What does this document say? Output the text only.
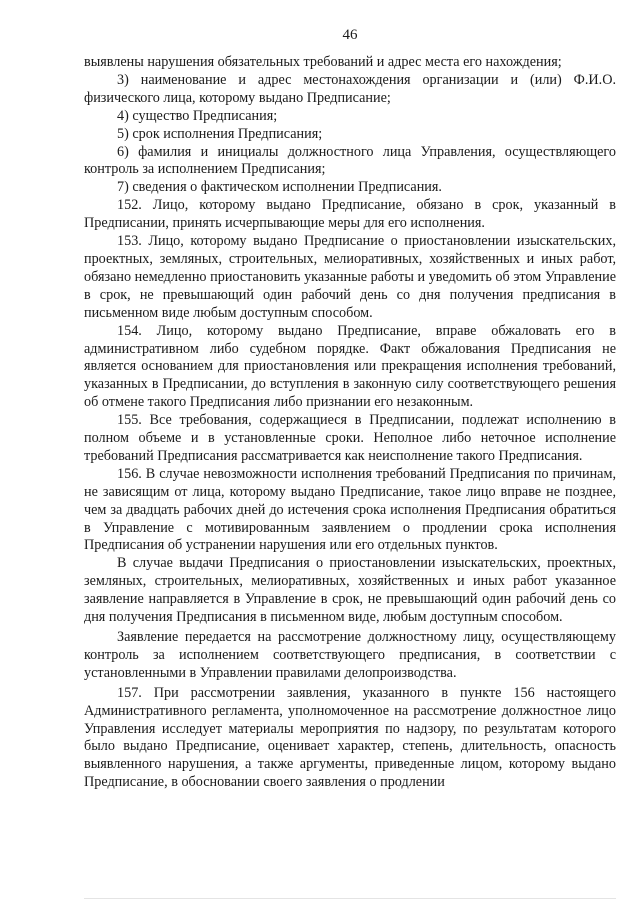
46

выявлены нарушения обязательных требований и адрес места его нахождения;

3) наименование и адрес местонахождения организации и (или) Ф.И.О. физического лица, которому выдано Предписание;

4) существо Предписания;

5) срок исполнения Предписания;

6) фамилия и инициалы должностного лица Управления, осуществляющего контроль за исполнением Предписания;

7) сведения о фактическом исполнении Предписания.

152. Лицо, которому выдано Предписание, обязано в срок, указанный в Предписании, принять исчерпывающие меры для его исполнения.

153. Лицо, которому выдано Предписание о приостановлении изыскательских, проектных, земляных, строительных, мелиоративных, хозяйственных и иных работ, обязано немедленно приостановить указанные работы и уведомить об этом Управление в срок, не превышающий один рабочий день со дня получения предписания в письменном виде любым доступным способом.

154. Лицо, которому выдано Предписание, вправе обжаловать его в административном либо судебном порядке. Факт обжалования Предписания не является основанием для приостановления или прекращения исполнения требований, указанных в Предписании, до вступления в законную силу соответствующего решения об отмене такого Предписания либо признании его незаконным.

155. Все требования, содержащиеся в Предписании, подлежат исполнению в полном объеме и в установленные сроки. Неполное либо неточное исполнение требований Предписания рассматривается как неисполнение такого Предписания.

156. В случае невозможности исполнения требований Предписания по причинам, не зависящим от лица, которому выдано Предписание, такое лицо вправе не позднее, чем за двадцать рабочих дней до истечения срока исполнения Предписания обратиться в Управление с мотивированным заявлением о продлении срока исполнения Предписания об устранении нарушения или его отдельных пунктов.

В случае выдачи Предписания о приостановлении изыскательских, проектных, земляных, строительных, мелиоративных, хозяйственных и иных работ указанное заявление направляется в Управление в срок, не превышающий один рабочий день со дня получения Предписания в письменном виде, любым доступным способом.

Заявление передается на рассмотрение должностному лицу, осуществляющему контроль за исполнением соответствующего предписания, в соответствии с установленными в Управлении правилами делопроизводства.

157. При рассмотрении заявления, указанного в пункте 156 настоящего Административного регламента, уполномоченное на рассмотрение должностное лицо Управления исследует материалы мероприятия по надзору, по результатам которого было выдано Предписание, оценивает характер, степень, длительность, опасность выявленного нарушения, а также аргументы, приведенные лицом, которому выдано Предписание, в обосновании своего заявления о продлении
